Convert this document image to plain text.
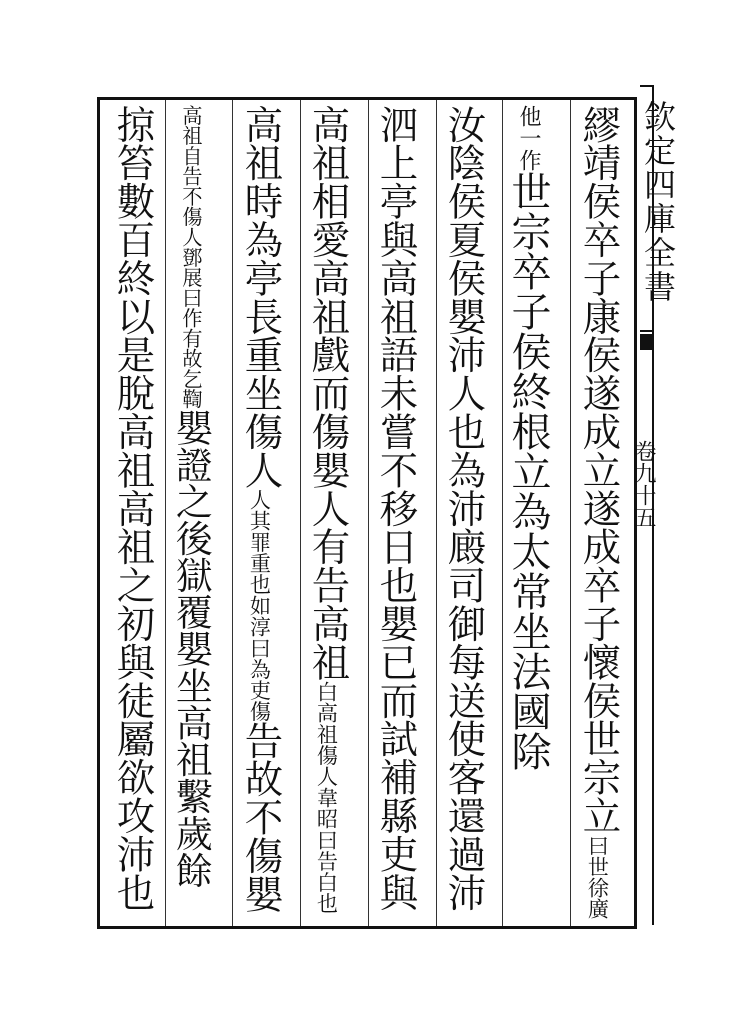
欽定四庫全書
卷九十五
繆靖侯卒子康侯遂成立遂成卒子懷侯世宗立
徐廣
曰世
一作
他
世宗卒子侯終根立為太常坐法國除
汝陰侯夏侯嬰沛人也為沛廄司御每送使客還過沛
泗上亭與高祖語未嘗不移日也嬰已而試補縣吏與
高祖相愛高祖戲而傷嬰人有告高祖
韋昭曰告白也
白高祖傷人
高祖時為亭長重坐傷人
如淳曰為吏傷
人其罪重也
告故不傷嬰
鄧展曰作有故乞鞫
高祖自告不傷人
嬰證之後獄覆嬰坐高祖繫歲餘
掠笞數百終以是脫高祖高祖之初與徒屬欲攻沛也
